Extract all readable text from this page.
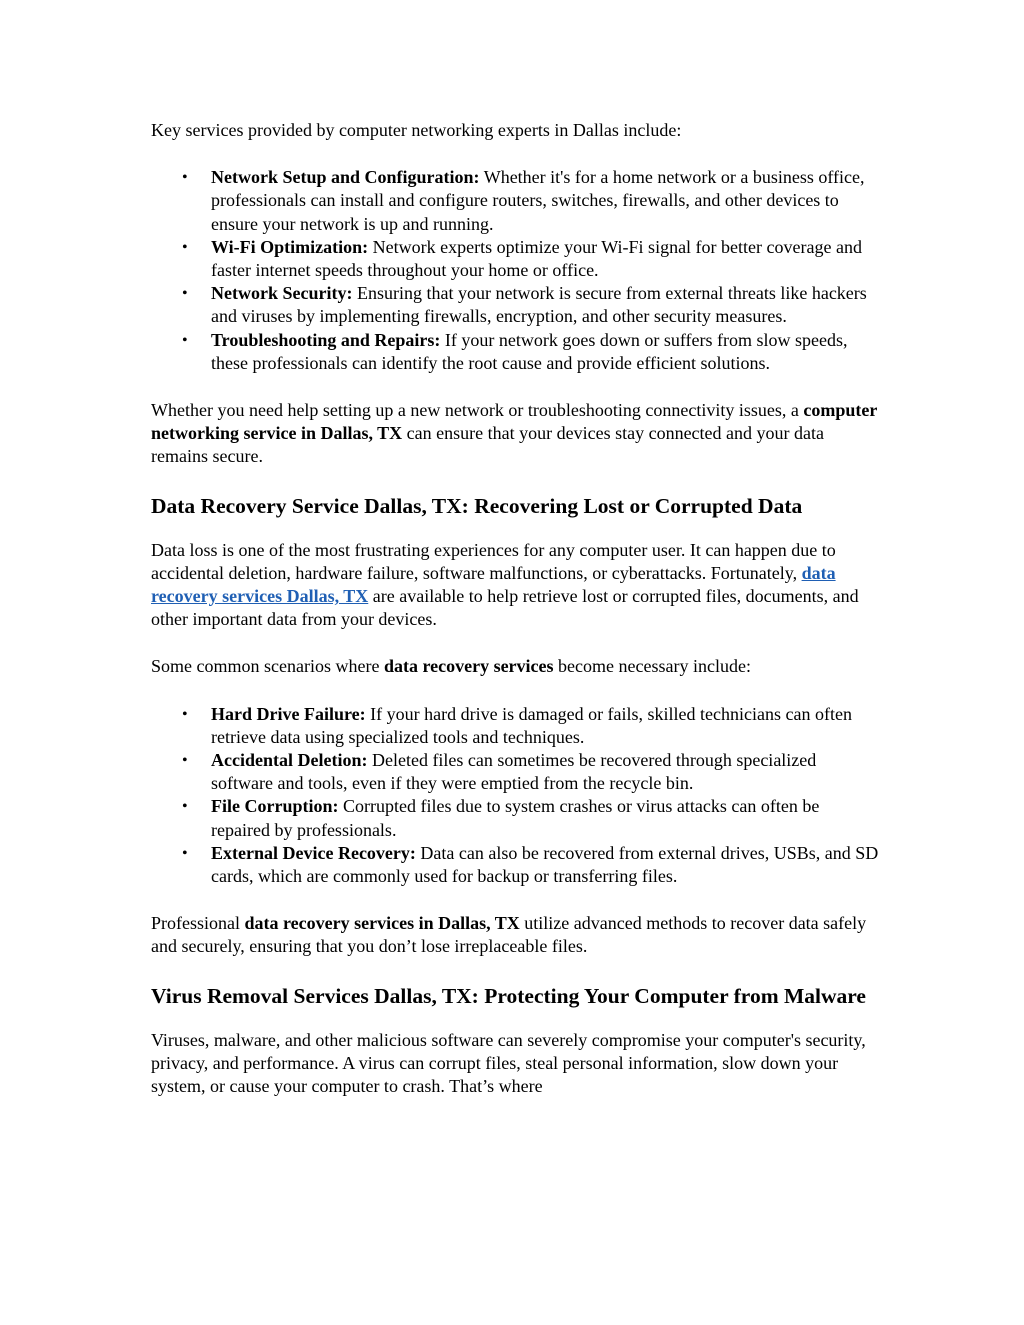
Key services provided by computer networking experts in Dallas include:

• Network Setup and Configuration: Whether it's for a home network or a business office, professionals can install and configure routers, switches, firewalls, and other devices to ensure your network is up and running.
• Wi-Fi Optimization: Network experts optimize your Wi-Fi signal for better coverage and faster internet speeds throughout your home or office.
• Network Security: Ensuring that your network is secure from external threats like hackers and viruses by implementing firewalls, encryption, and other security measures.
• Troubleshooting and Repairs: If your network goes down or suffers from slow speeds, these professionals can identify the root cause and provide efficient solutions.

Whether you need help setting up a new network or troubleshooting connectivity issues, a computer networking service in Dallas, TX can ensure that your devices stay connected and your data remains secure.

Data Recovery Service Dallas, TX: Recovering Lost or Corrupted Data

Data loss is one of the most frustrating experiences for any computer user. It can happen due to accidental deletion, hardware failure, software malfunctions, or cyberattacks. Fortunately, data recovery services Dallas, TX are available to help retrieve lost or corrupted files, documents, and other important data from your devices.

Some common scenarios where data recovery services become necessary include:

• Hard Drive Failure: If your hard drive is damaged or fails, skilled technicians can often retrieve data using specialized tools and techniques.
• Accidental Deletion: Deleted files can sometimes be recovered through specialized software and tools, even if they were emptied from the recycle bin.
• File Corruption: Corrupted files due to system crashes or virus attacks can often be repaired by professionals.
• External Device Recovery: Data can also be recovered from external drives, USBs, and SD cards, which are commonly used for backup or transferring files.

Professional data recovery services in Dallas, TX utilize advanced methods to recover data safely and securely, ensuring that you don’t lose irreplaceable files.

Virus Removal Services Dallas, TX: Protecting Your Computer from Malware

Viruses, malware, and other malicious software can severely compromise your computer's security, privacy, and performance. A virus can corrupt files, steal personal information, slow down your system, or cause your computer to crash. That’s where
